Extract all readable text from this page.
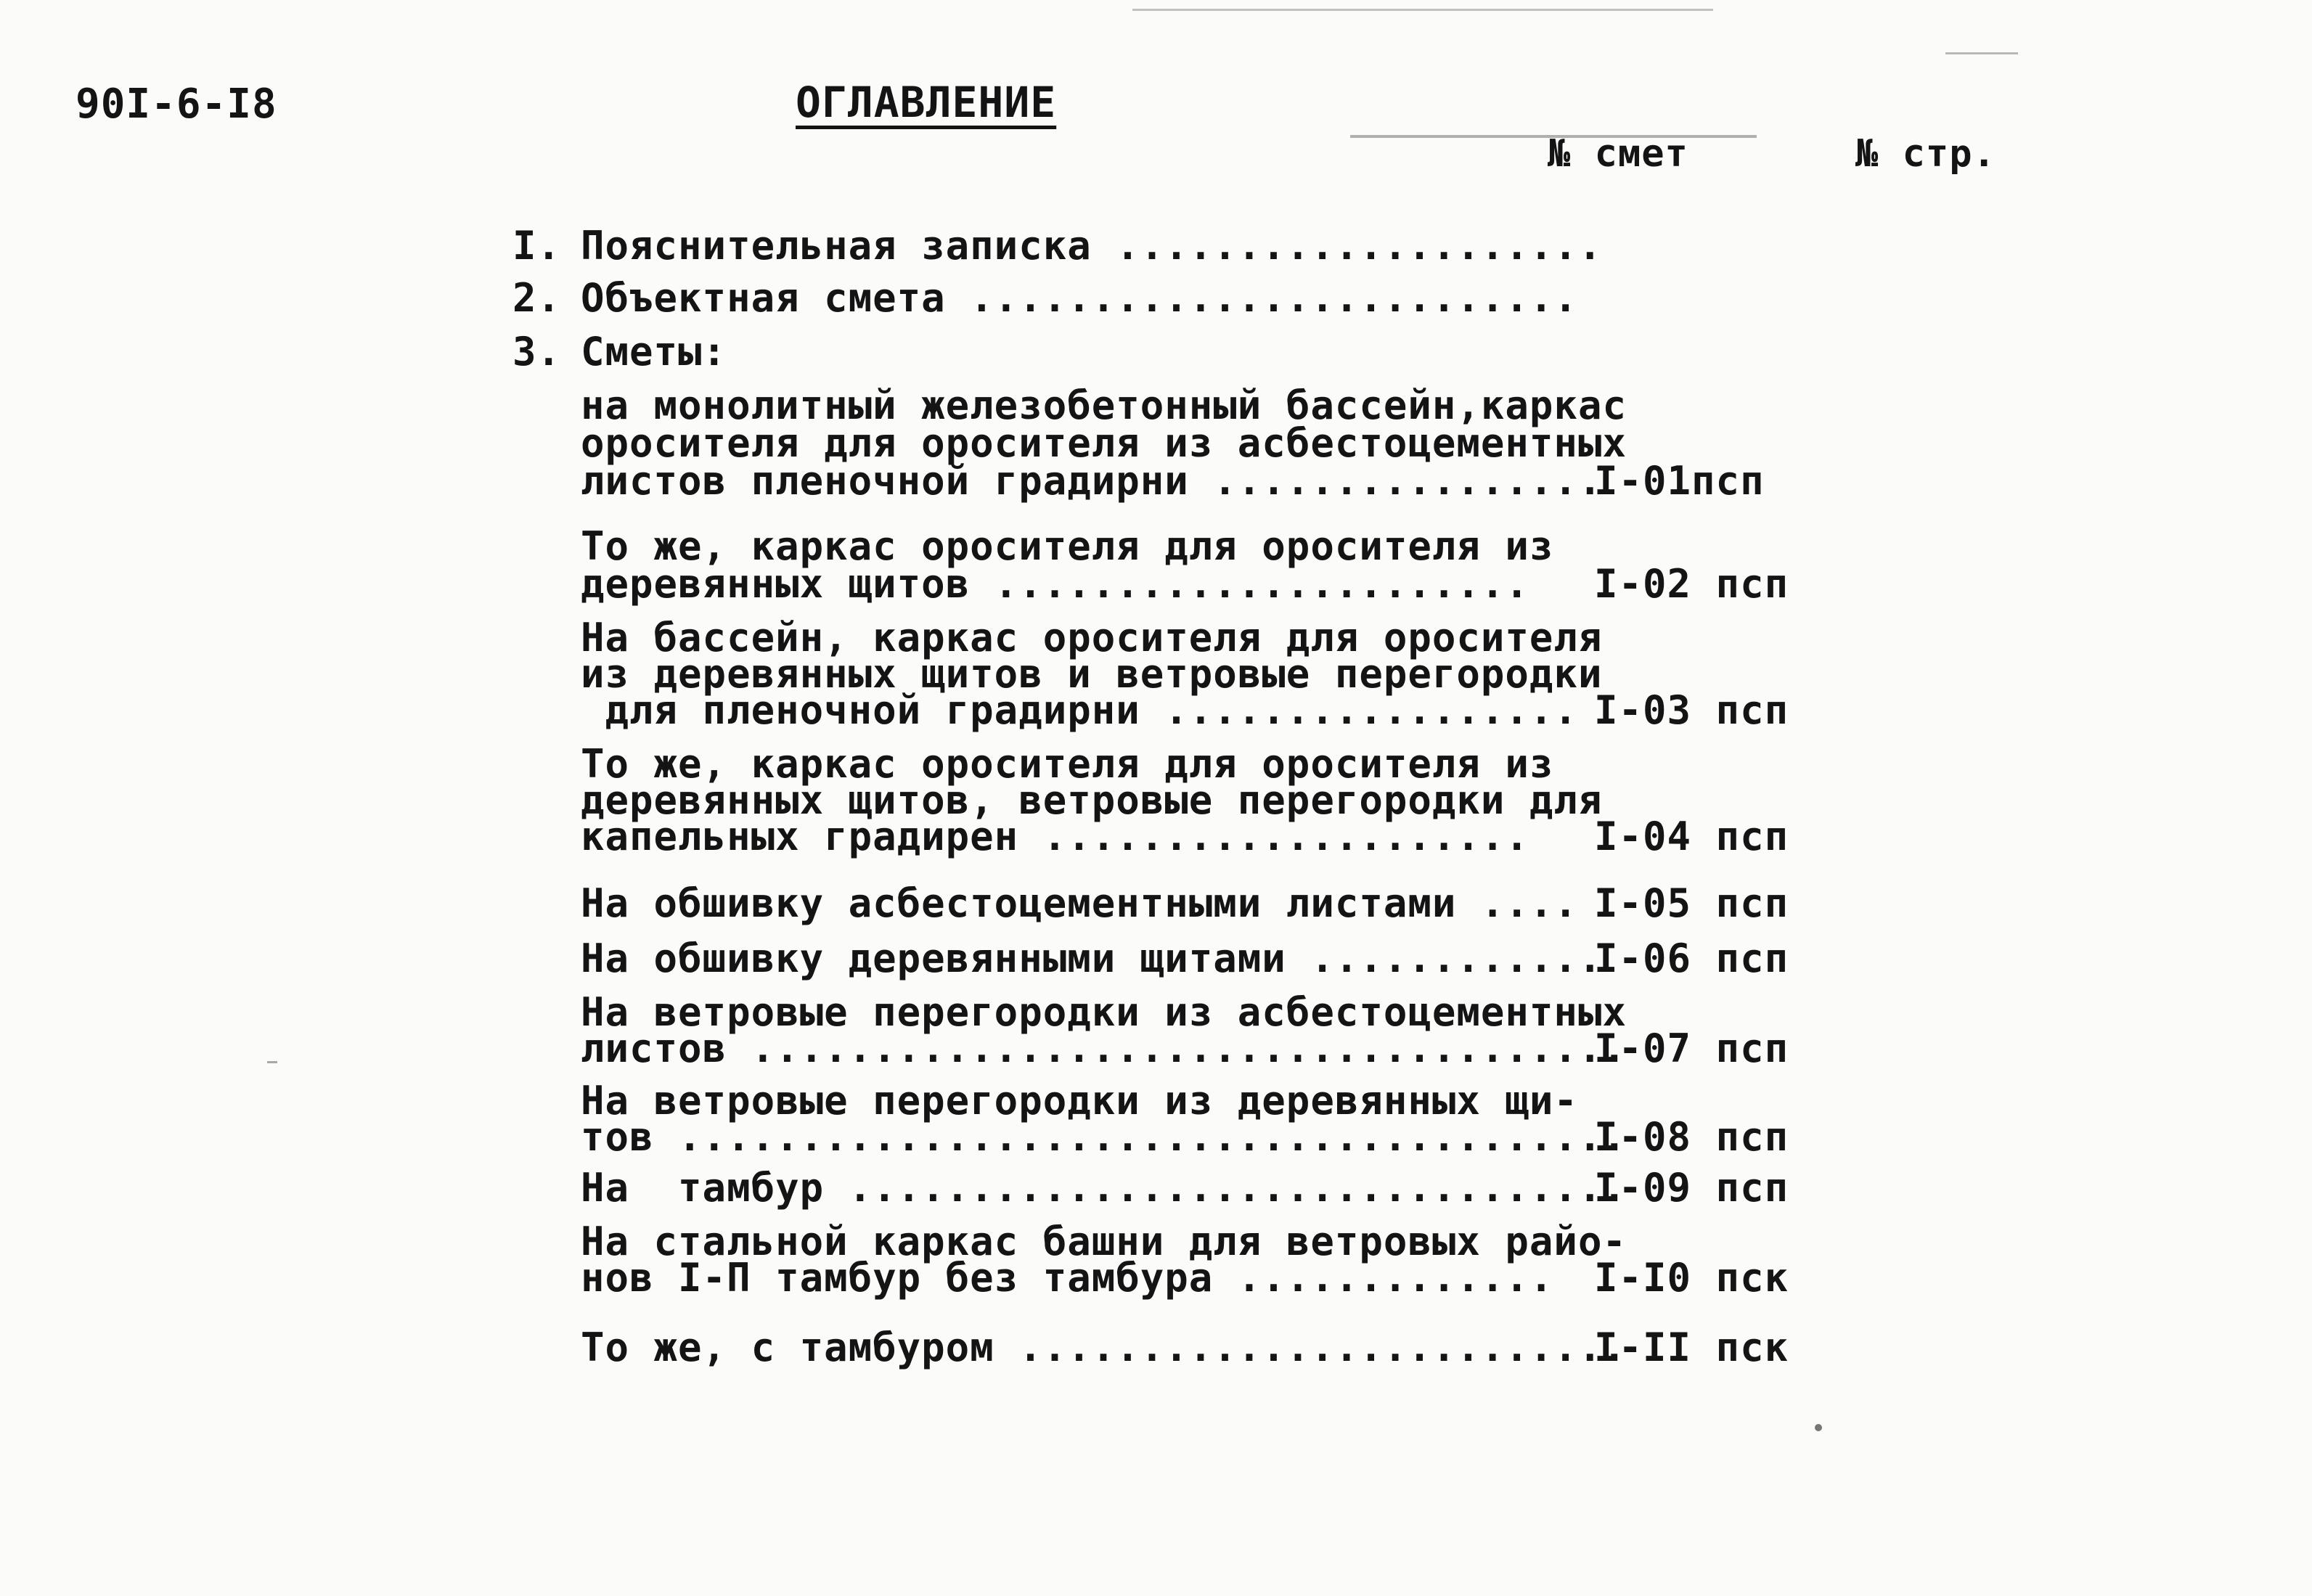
90I-6-I8	ОГЛАВЛЕНИЕ
№ смет	№ стр.
I. Пояснительная записка ....................
2. Объектная смета .........................
3. Сметы:
на монолитный железобетонный бассейн,каркас
оросителя для оросителя из асбестоцементных
листов пленочной градирни ................
I-01псп
То же, каркас оросителя для оросителя из
деревянных щитов ...................... I-02 псп
На бассейн, каркас оросителя для оросителя
из деревянных щитов и ветровые перегородки
для пленочной градирни ................. I-03 псп
То же, каркас оросителя для оросителя из
деревянных щитов, ветровые перегородки для
капельных градирен .................... I-04 псп
На обшивку асбестоцементными листами .... I-05 псп
На обшивку деревянными щитами ............
I-06 псп
На ветровые перегородки из асбестоцементных
листов ....................................
I-07 псп
На ветровые перегородки из деревянных щи-
тов .......................................
I-08 псп
На  тамбур ................................
I-09 псп
На стальной каркас башни для ветровых райо-
нов I-П тамбур без тамбура ............. I-I0 пск
То же, с тамбуром .........................
I-II пск
